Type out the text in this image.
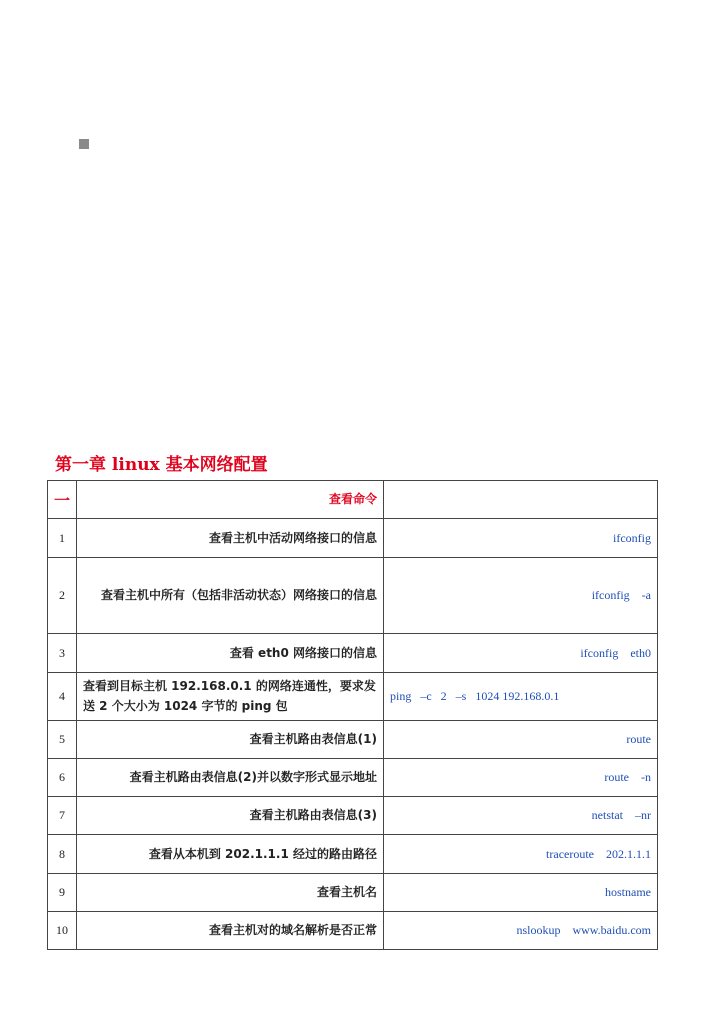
第一章 linux 基本网络配置
一	查看命令	
1	查看主机中活动网络接口的信息	ifconfig
2	查看主机中所有（包括非活动状态）网络接口的信息	ifconfig    -a
3	查看 eth0 网络接口的信息	ifconfig    eth0
4	查看到目标主机 192.168.0.1 的网络连通性，要求发送 2 个大小为 1024 字节的 ping 包	ping   –c   2   –s   1024 192.168.0.1
5	查看主机路由表信息(1)	route
6	查看主机路由表信息(2)并以数字形式显示地址	route    -n
7	查看主机路由表信息(3)	netstat    –nr
8	查看从本机到 202.1.1.1 经过的路由路径	traceroute    202.1.1.1
9	查看主机名	hostname
10	查看主机对的域名解析是否正常	nslookup    www.baidu.com
